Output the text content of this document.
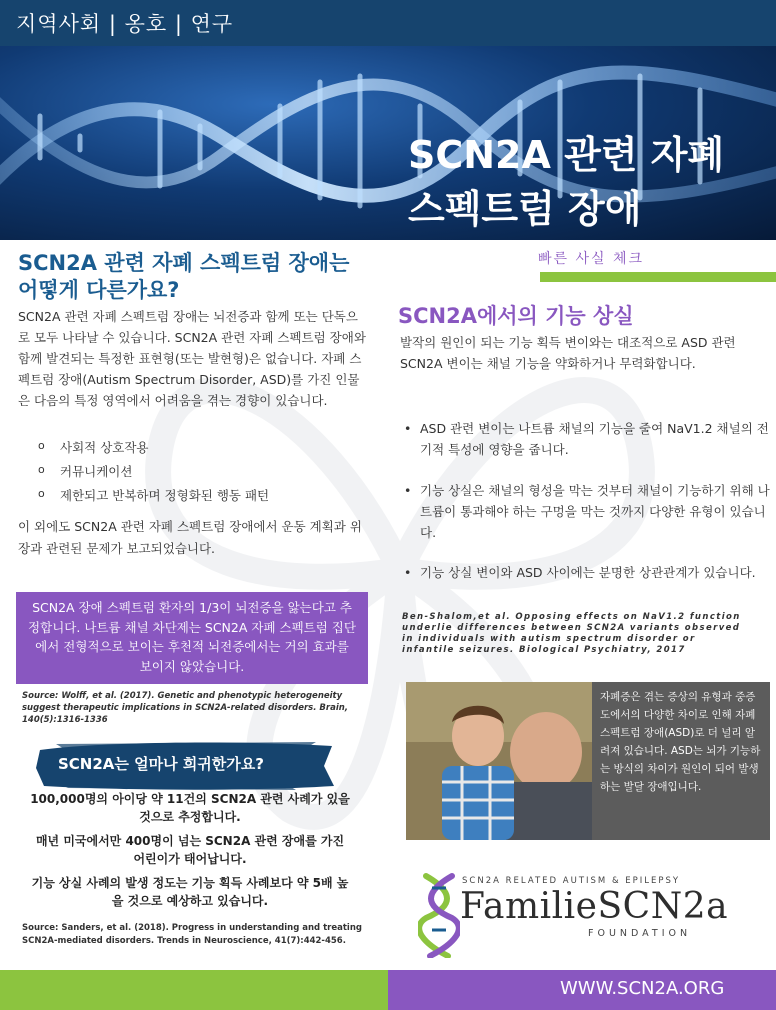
지역사회 | 옹호 | 연구
SCN2A 관련 자폐
스펙트럼 장애
SCN2A 관련 자폐 스펙트럼 장애는 어떻게 다른가요?
SCN2A 관련 자폐 스펙트럼 장애는 뇌전증과 함께 또는 단독으로 모두 나타날 수 있습니다. SCN2A 관련 자폐 스펙트럼 장애와 함께 발견되는 특정한 표현형(또는 발현형)은 없습니다. 자폐 스펙트럼 장애(Autism Spectrum Disorder, ASD)를 가진 인물은 다음의 특정 영역에서 어려움을 겪는 경향이 있습니다.
o 사회적 상호작용
o 커뮤니케이션
o 제한되고 반복하며 정형화된 행동 패턴
이 외에도 SCN2A 관련 자폐 스펙트럼 장애에서 운동 계획과 위장과 관련된 문제가 보고되었습니다.
SCN2A 장애 스펙트럼 환자의 1/3이 뇌전증을 앓는다고 추정합니다. 나트륨 채널 차단제는 SCN2A 자폐 스펙트럼 집단에서 전형적으로 보이는 후천적 뇌전증에서는 거의 효과를 보이지 않았습니다.
Source: Wolff, et al. (2017). Genetic and phenotypic heterogeneity suggest therapeutic implications in SCN2A-related disorders. Brain, 140(5):1316-1336
SCN2A는 얼마나 희귀한가요?
100,000명의 아이당 약 11건의 SCN2A 관련 사례가 있을 것으로 추정합니다.
매년 미국에서만 400명이 넘는 SCN2A 관련 장애를 가진 어린이가 태어납니다.
기능 상실 사례의 발생 정도는 기능 획득 사례보다 약 5배 높을 것으로 예상하고 있습니다.
Source: Sanders, et al. (2018). Progress in understanding and treating SCN2A-mediated disorders. Trends in Neuroscience, 41(7):442-456.
빠른 사실 체크
SCN2A에서의 기능 상실
발작의 원인이 되는 기능 획득 변이와는 대조적으로 ASD 관련 SCN2A 변이는 채널 기능을 약화하거나 무력화합니다.
• ASD 관련 변이는 나트륨 채널의 기능을 줄여 NaV1.2 채널의 전기적 특성에 영향을 줍니다.
• 기능 상실은 채널의 형성을 막는 것부터 채널이 기능하기 위해 나트륨이 통과해야 하는 구멍을 막는 것까지 다양한 유형이 있습니다.
• 기능 상실 변이와 ASD 사이에는 분명한 상관관계가 있습니다.
Ben-Shalom,et al. Opposing effects on NaV1.2 function underlie differences between SCN2A variants observed in individuals with autism spectrum disorder or infantile seizures. Biological Psychiatry, 2017
자폐증은 겪는 증상의 유형과 중증도에서의 다양한 차이로 인해 자폐 스펙트럼 장애(ASD)로 더 널리 알려져 있습니다. ASD는 뇌가 기능하는 방식의 차이가 원인이 되어 발생하는 발달 장애입니다.
SCN2A RELATED AUTISM & EPILEPSY
FamilieSCN2a
FOUNDATION
WWW.SCN2A.ORG
